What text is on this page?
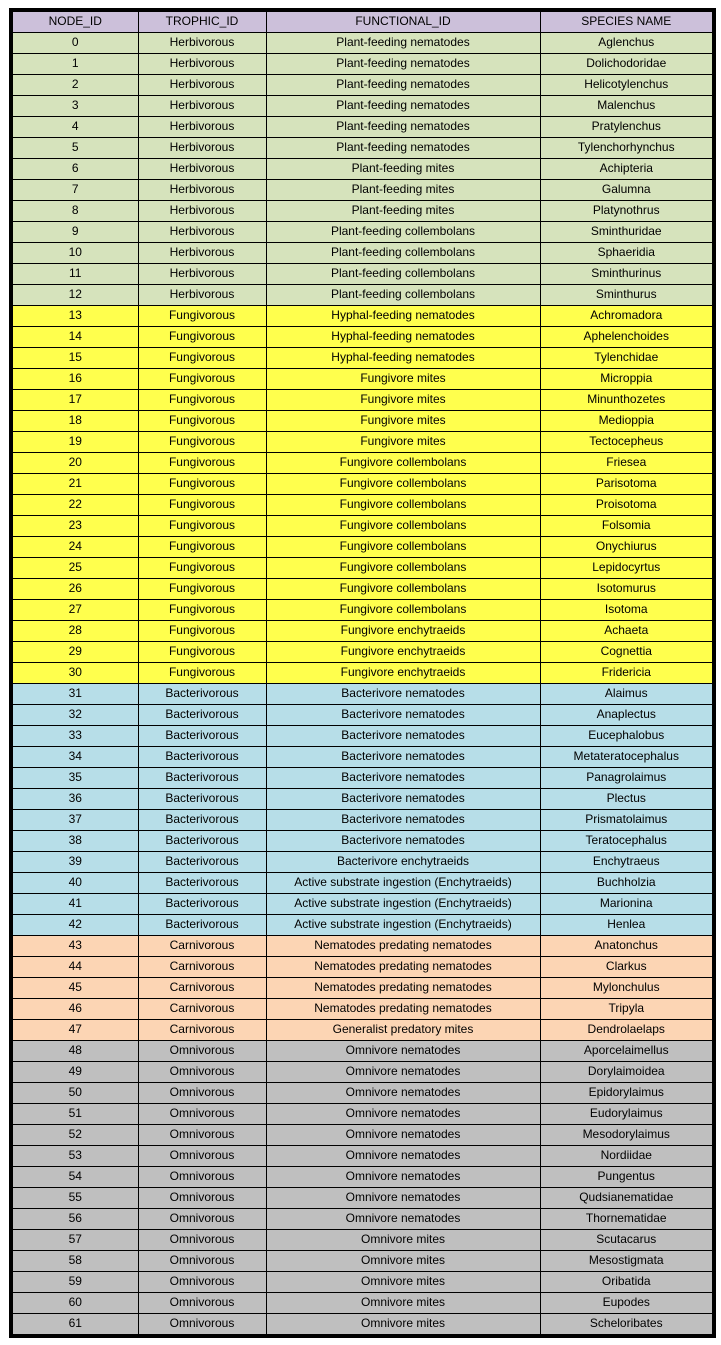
NODE_ID	TROPHIC_ID	FUNCTIONAL_ID	SPECIES NAME
0	Herbivorous	Plant-feeding nematodes	Aglenchus
1	Herbivorous	Plant-feeding nematodes	Dolichodoridae
2	Herbivorous	Plant-feeding nematodes	Helicotylenchus
3	Herbivorous	Plant-feeding nematodes	Malenchus
4	Herbivorous	Plant-feeding nematodes	Pratylenchus
5	Herbivorous	Plant-feeding nematodes	Tylenchorhynchus
6	Herbivorous	Plant-feeding mites	Achipteria
7	Herbivorous	Plant-feeding mites	Galumna
8	Herbivorous	Plant-feeding mites	Platynothrus
9	Herbivorous	Plant-feeding collembolans	Sminthuridae
10	Herbivorous	Plant-feeding collembolans	Sphaeridia
11	Herbivorous	Plant-feeding collembolans	Sminthurinus
12	Herbivorous	Plant-feeding collembolans	Sminthurus
13	Fungivorous	Hyphal-feeding nematodes	Achromadora
14	Fungivorous	Hyphal-feeding nematodes	Aphelenchoides
15	Fungivorous	Hyphal-feeding nematodes	Tylenchidae
16	Fungivorous	Fungivore mites	Microppia
17	Fungivorous	Fungivore mites	Minunthozetes
18	Fungivorous	Fungivore mites	Medioppia
19	Fungivorous	Fungivore mites	Tectocepheus
20	Fungivorous	Fungivore collembolans	Friesea
21	Fungivorous	Fungivore collembolans	Parisotoma
22	Fungivorous	Fungivore collembolans	Proisotoma
23	Fungivorous	Fungivore collembolans	Folsomia
24	Fungivorous	Fungivore collembolans	Onychiurus
25	Fungivorous	Fungivore collembolans	Lepidocyrtus
26	Fungivorous	Fungivore collembolans	Isotomurus
27	Fungivorous	Fungivore collembolans	Isotoma
28	Fungivorous	Fungivore enchytraeids	Achaeta
29	Fungivorous	Fungivore enchytraeids	Cognettia
30	Fungivorous	Fungivore enchytraeids	Fridericia
31	Bacterivorous	Bacterivore nematodes	Alaimus
32	Bacterivorous	Bacterivore nematodes	Anaplectus
33	Bacterivorous	Bacterivore nematodes	Eucephalobus
34	Bacterivorous	Bacterivore nematodes	Metateratocephalus
35	Bacterivorous	Bacterivore nematodes	Panagrolaimus
36	Bacterivorous	Bacterivore nematodes	Plectus
37	Bacterivorous	Bacterivore nematodes	Prismatolaimus
38	Bacterivorous	Bacterivore nematodes	Teratocephalus
39	Bacterivorous	Bacterivore enchytraeids	Enchytraeus
40	Bacterivorous	Active substrate ingestion (Enchytraeids)	Buchholzia
41	Bacterivorous	Active substrate ingestion (Enchytraeids)	Marionina
42	Bacterivorous	Active substrate ingestion (Enchytraeids)	Henlea
43	Carnivorous	Nematodes predating nematodes	Anatonchus
44	Carnivorous	Nematodes predating nematodes	Clarkus
45	Carnivorous	Nematodes predating nematodes	Mylonchulus
46	Carnivorous	Nematodes predating nematodes	Tripyla
47	Carnivorous	Generalist predatory mites	Dendrolaelaps
48	Omnivorous	Omnivore nematodes	Aporcelaimellus
49	Omnivorous	Omnivore nematodes	Dorylaimoidea
50	Omnivorous	Omnivore nematodes	Epidorylaimus
51	Omnivorous	Omnivore nematodes	Eudorylaimus
52	Omnivorous	Omnivore nematodes	Mesodorylaimus
53	Omnivorous	Omnivore nematodes	Nordiidae
54	Omnivorous	Omnivore nematodes	Pungentus
55	Omnivorous	Omnivore nematodes	Qudsianematidae
56	Omnivorous	Omnivore nematodes	Thornematidae
57	Omnivorous	Omnivore mites	Scutacarus
58	Omnivorous	Omnivore mites	Mesostigmata
59	Omnivorous	Omnivore mites	Oribatida
60	Omnivorous	Omnivore mites	Eupodes
61	Omnivorous	Omnivore mites	Scheloribates
